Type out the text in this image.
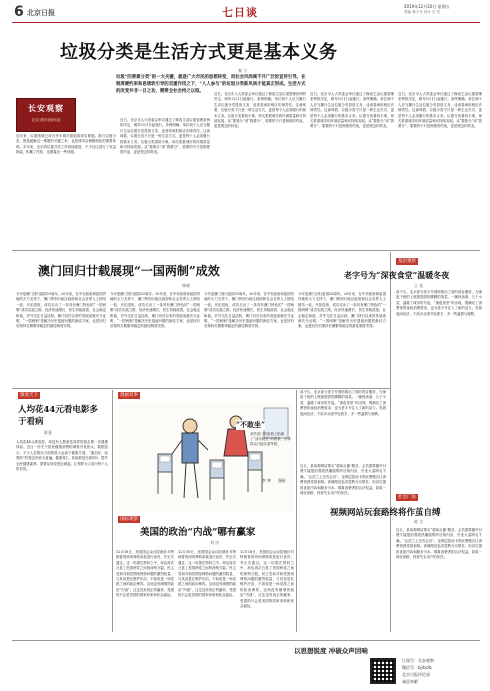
6 北京日报	七日谈	2019年12月20日 星期五
责编 林子凡 设计 白 雪
垃圾分类是生活方式更是基本义务
秦 立
垃圾“四要素分类”的一大关键，就是广大市民的思想转变，而社会风尚离不开广泛的宣传引导。在制度硬约束和思想软引导的双重作用之下，“人人参与”的垃圾分类新风尚才能真正形成。生活方式的改变并非一日之功，需要全社会持之以恒。
长安观察
北京日报评论部出品
近年来，垃圾围城已成为许多城市面临的现实难题。推行垃圾分类，既是破解这一难题的关键之举，也是城市治理精细化的重要体现。多年来，北京的垃圾分类工作持续推进，不少社区进行了有益探索，积累了经验，也暴露出一些问题。
近日，北京市人大常委会审议通过了修改生活垃圾管理条例的决定，明年5月1日起施行。条例明确，单位和个人应当履行生活垃圾分类投放义务，违者将承担相应法律责任。这意味着，垃圾分类不只是一种生活方式，更是每个人必须履行的基本义务。垃圾分类看似小事，却关系着城市的环境质量和可持续发展。从“要我分”到“我要分”，需要的不只是制度的约束，更是观念的转变。
近日，北京市人大常委会审议通过了修改生活垃圾管理条例的决定，明年5月1日起施行。条例明确，单位和个人应当履行生活垃圾分类投放义务，违者将承担相应法律责任。这意味着，垃圾分类不只是一种生活方式，更是每个人必须履行的基本义务。垃圾分类看似小事，却关系着城市的环境质量和可持续发展。从“要我分”到“我要分”，需要的不只是制度的约束，更是观念的转变。
近日，北京市人大常委会审议通过了修改生活垃圾管理条例的决定，明年5月1日起施行。条例明确，单位和个人应当履行生活垃圾分类投放义务，违者将承担相应法律责任。这意味着，垃圾分类不只是一种生活方式，更是每个人必须履行的基本义务。垃圾分类看似小事，却关系着城市的环境质量和可持续发展。从“要我分”到“我要分”，需要的不只是制度的约束，更是观念的转变。
近日，北京市人大常委会审议通过了修改生活垃圾管理条例的决定，明年5月1日起施行。条例明确，单位和个人应当履行生活垃圾分类投放义务，违者将承担相应法律责任。这意味着，垃圾分类不只是一种生活方式，更是每个人必须履行的基本义务。垃圾分类看似小事，却关系着城市的环境质量和可持续发展。从“要我分”到“我要分”，需要的不只是制度的约束，更是观念的转变。
澳门回归廿载展现“一国两制”成效
林晓
今年是澳门回归祖国20周年。20年来，在中央政府和祖国内地的大力支持下，澳门特别行政区政府和社会各界人士团结一致，开拓进取，成功走出了一条具有澳门特色的“一国两制”成功实践之路。经济快速增长，民生持续改善，社会稳定和谐，对外交往日益活跃。澳门回归以来的发展成就充分证明，“一国两制”是解决历史遗留问题的最佳方案，也是回归后保持长期繁荣稳定的最佳制度安排。
今年是澳门回归祖国20周年。20年来，在中央政府和祖国内地的大力支持下，澳门特别行政区政府和社会各界人士团结一致，开拓进取，成功走出了一条具有澳门特色的“一国两制”成功实践之路。经济快速增长，民生持续改善，社会稳定和谐，对外交往日益活跃。澳门回归以来的发展成就充分证明，“一国两制”是解决历史遗留问题的最佳方案，也是回归后保持长期繁荣稳定的最佳制度安排。
今年是澳门回归祖国20周年。20年来，在中央政府和祖国内地的大力支持下，澳门特别行政区政府和社会各界人士团结一致，开拓进取，成功走出了一条具有澳门特色的“一国两制”成功实践之路。经济快速增长，民生持续改善，社会稳定和谐，对外交往日益活跃。澳门回归以来的发展成就充分证明，“一国两制”是解决历史遗留问题的最佳方案，也是回归后保持长期繁荣稳定的最佳制度安排。
今年是澳门回归祖国20周年。20年来，在中央政府和祖国内地的大力支持下，澳门特别行政区政府和社会各界人士团结一致，开拓进取，成功走出了一条具有澳门特色的“一国两制”成功实践之路。经济快速增长，民生持续改善，社会稳定和谐，对外交往日益活跃。澳门回归以来的发展成就充分证明，“一国两制”是解决历史遗留问题的最佳方案，也是回归后保持长期繁荣稳定的最佳制度安排。
基层观察
老字号为“深夜食堂”温暖冬夜
王 佳
前不久，北京部分老字号餐馆推出了延时营业服务，为深夜下班的上班族提供热腾腾的饭菜。一碗热汤面、几个小菜，温暖了城市的冬夜。“深夜食堂”的出现，既满足了消费者的夜间消费需求，也为老字号注入了新的活力。发展夜间经济，不妨多从细节处着手，多一些温情与便利。
微观天下
人均花44元看电影多于看病
陈嘉
人均花44元看电影，却没有人愿意花同样的钱去做一次健康体检。近日一份关于居民健康消费的调查引发热议。数据显示，不少人在娱乐方面的投入远高于健康方面，“重治疗、轻预防”的观念仍较为普遍。健康是1，其他都是后面的0，提升全民健康素养，需要从转变观念做起，让预防为主成为每个人的自觉。
漫画说事
“不敢坐”
某些部门的座椅上贴满了“请勿就坐”的纸条，办事群众只能站着等候。
李 寒 漫画
国际观察
美国的政治“内战”哪有赢家
刘 庆
12月18日，美国国会众议院就针对特朗普的两项弹劾条款进行表决，并正式通过。这一结果在预料之中，却也再次凸显了美国两党之间的深刻分裂。民主党和共和党围绕弹劾问题的激烈较量，与其说是在维护法治，不如说是一场党派之间的政治博弈。这场没有硝烟的政治“内战”，注定没有真正的赢家，受损的只会是美国的国家形象和民众福祉。
12月18日，美国国会众议院就针对特朗普的两项弹劾条款进行表决，并正式通过。这一结果在预料之中，却也再次凸显了美国两党之间的深刻分裂。民主党和共和党围绕弹劾问题的激烈较量，与其说是在维护法治，不如说是一场党派之间的政治博弈。这场没有硝烟的政治“内战”，注定没有真正的赢家，受损的只会是美国的国家形象和民众福祉。
12月18日，美国国会众议院就针对特朗普的两项弹劾条款进行表决，并正式通过。这一结果在预料之中，却也再次凸显了美国两党之间的深刻分裂。民主党和共和党围绕弹劾问题的激烈较量，与其说是在维护法治，不如说是一场党派之间的政治博弈。这场没有硝烟的政治“内战”，注定没有真正的赢家，受损的只会是美国的国家形象和民众福祉。
前不久，北京部分老字号餐馆推出了延时营业服务，为深夜下班的上班族提供热腾腾的饭菜。一碗热汤面、几个小菜，温暖了城市的冬夜。“深夜食堂”的出现，既满足了消费者的夜间消费需求，也为老字号注入了新的活力。发展夜间经济，不妨多从细节处着手，多一些温情与便利。
社会广角
视频网站玩套路终将作茧自缚
陈 言
近日，某视频网站推出“超前点播”服务，会员需要额外付费才能提前观看热播剧集的后续内容，引发大量网友不满。“会员之上还有会员”，这种层层设卡的收费模式让消费者感觉被套路。视频网站追求盈利无可厚非，但应以提供优质内容和服务为本，尊重消费者的合法权益。如果一味玩套路，终将失去用户的信任。
近日，某视频网站推出“超前点播”服务，会员需要额外付费才能提前观看热播剧集的后续内容，引发大量网友不满。“会员之上还有会员”，这种层层设卡的收费模式让消费者感觉被套路。视频网站追求盈利无可厚非，但应以提供优质内容和服务为本，尊重消费者的合法权益。如果一味玩套路，终将失去用户的信任。
以思想锐度 冲破众声回响
订阅号：长安观察
微信号：bjrbclb
北京日报评论部
诚意奉献
